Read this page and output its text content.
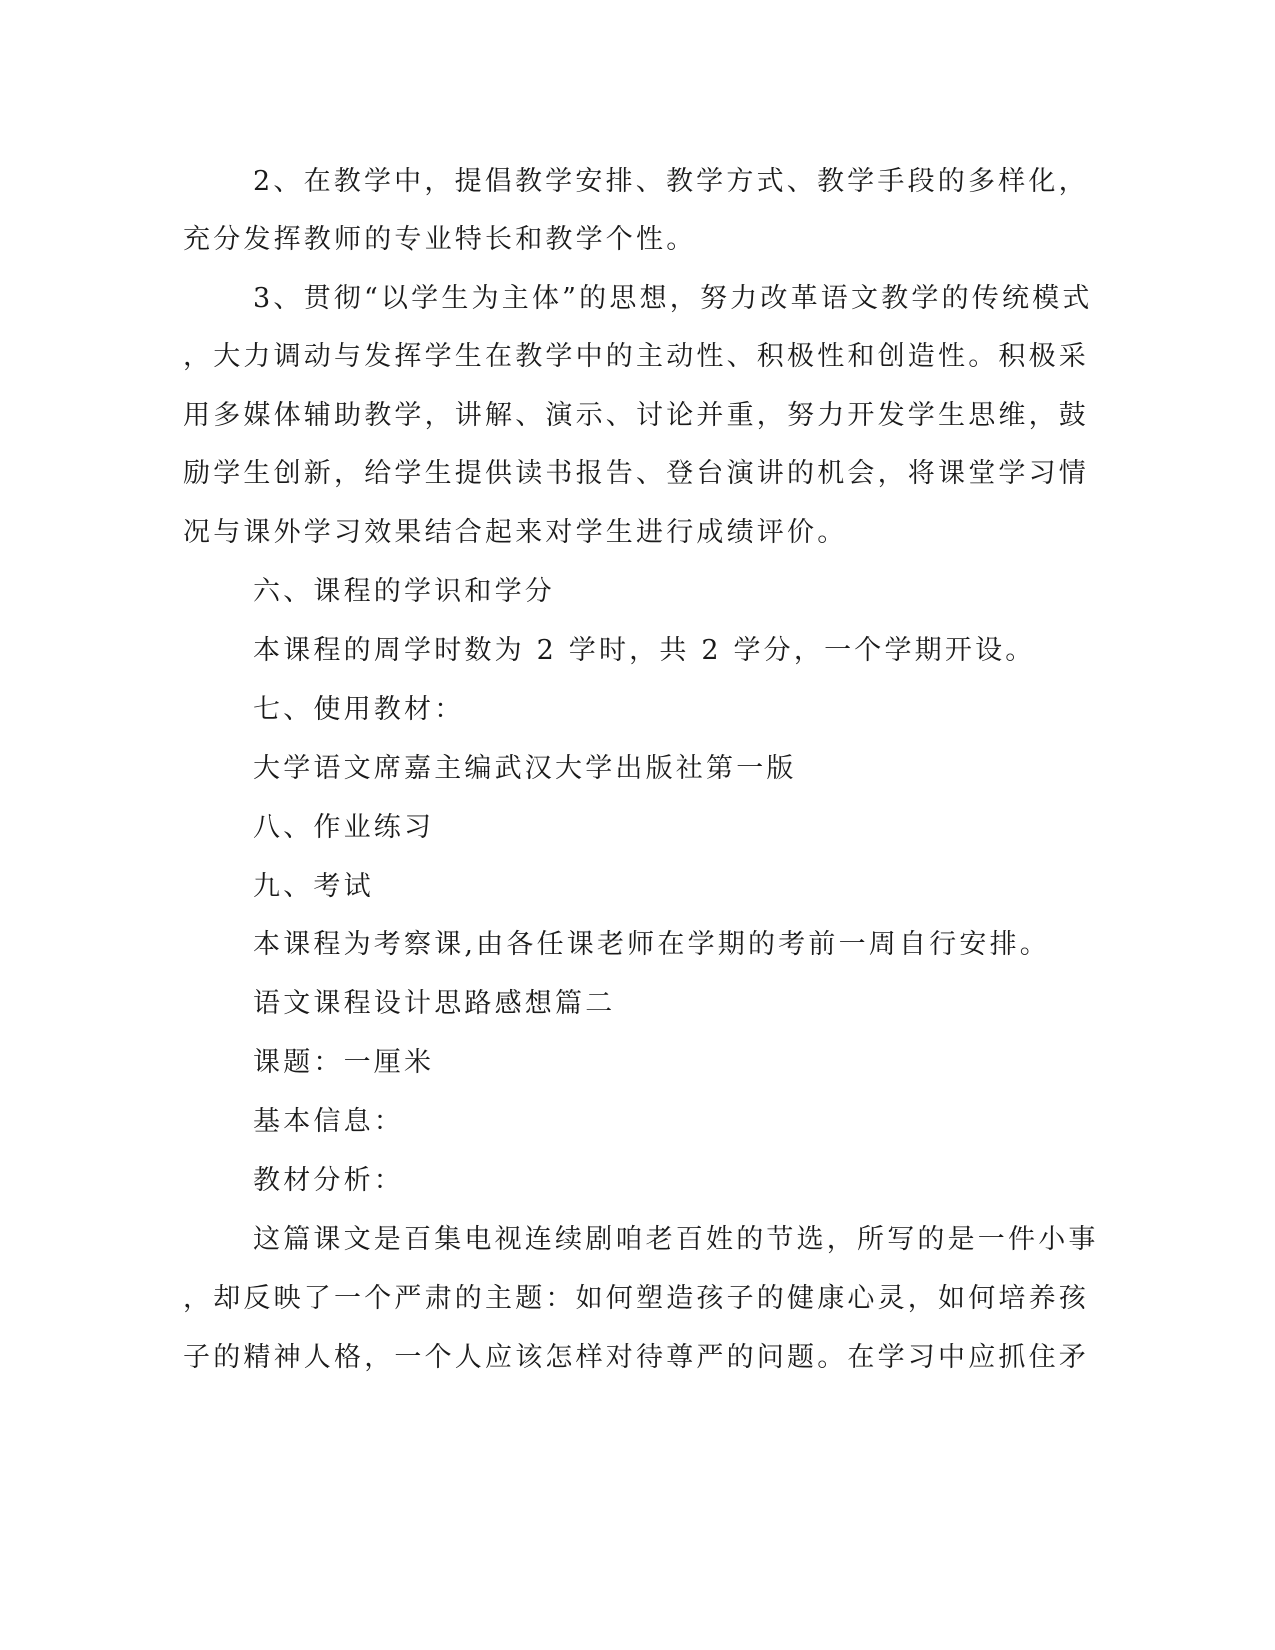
2、在教学中，提倡教学安排、教学方式、教学手段的多样化，
充分发挥教师的专业特长和教学个性。
3、贯彻“以学生为主体”的思想，努力改革语文教学的传统模式
，大力调动与发挥学生在教学中的主动性、积极性和创造性。积极采
用多媒体辅助教学，讲解、演示、讨论并重，努力开发学生思维，鼓
励学生创新，给学生提供读书报告、登台演讲的机会，将课堂学习情
况与课外学习效果结合起来对学生进行成绩评价。
六、课程的学识和学分
本课程的周学时数为 2 学时，共 2 学分，一个学期开设。
七、使用教材：
大学语文席嘉主编武汉大学出版社第一版
八、作业练习
九、考试
本课程为考察课,由各任课老师在学期的考前一周自行安排。
语文课程设计思路感想篇二
课题：一厘米
基本信息：
教材分析：
这篇课文是百集电视连续剧咱老百姓的节选，所写的是一件小事
，却反映了一个严肃的主题：如何塑造孩子的健康心灵，如何培养孩
子的精神人格，一个人应该怎样对待尊严的问题。在学习中应抓住矛
